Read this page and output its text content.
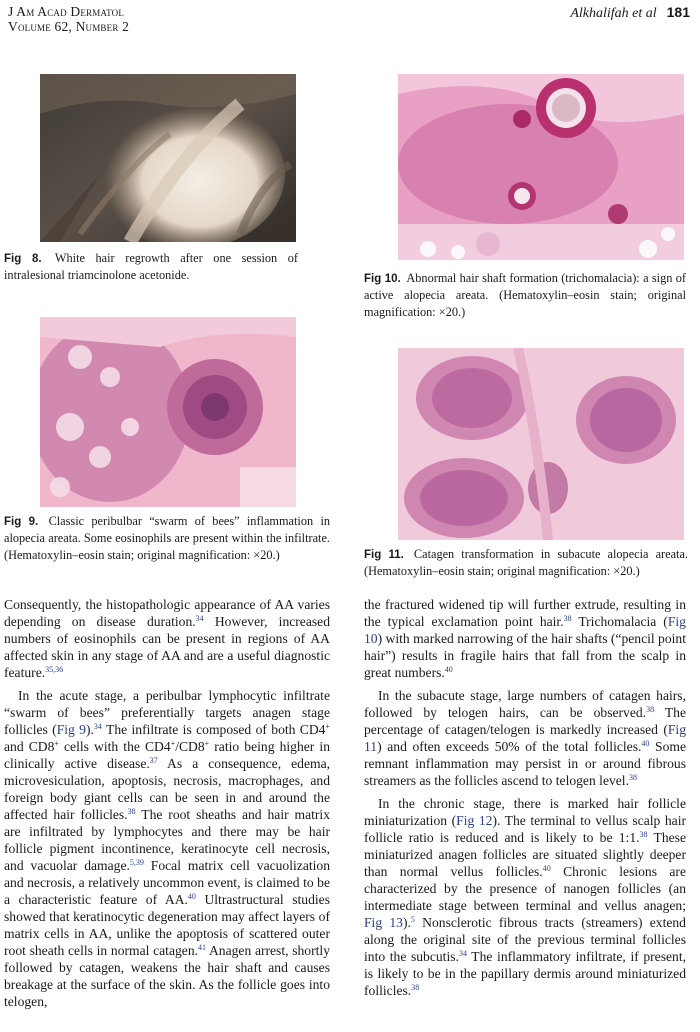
J Am Acad Dermatol
Volume 62, Number 2
Alkhalifah et al 181
Fig 8. White hair regrowth after one session of intralesional triamcinolone acetonide.	Fig 10. Abnormal hair shaft formation (trichomalacia): a sign of active alopecia areata. (Hematoxylin–eosin stain; original magnification: ×20.)
Fig 9. Classic peribulbar “swarm of bees” inflammation in alopecia areata. Some eosinophils are present within the infiltrate. (Hematoxylin–eosin stain; original magnification: ×20.)	Fig 11. Catagen transformation in subacute alopecia areata. (Hematoxylin–eosin stain; original magnification: ×20.)

Consequently, the histopathologic appearance of AA varies depending on disease duration.$^{34}$ However, increased numbers of eosinophils can be present in regions of AA affected skin in any stage of AA and are a useful diagnostic feature.$^{35,36}$

In the acute stage, a peribulbar lymphocytic infiltrate “swarm of bees” preferentially targets anagen stage follicles (Fig 9).$^{34}$ The infiltrate is composed of both CD4+ and CD8+ cells with the CD4+/CD8+ ratio being higher in clinically active disease.$^{37}$ As a consequence, edema, microvesiculation, apoptosis, necrosis, macrophages, and foreign body giant cells can be seen in and around the affected hair follicles.$^{38}$ The root sheaths and hair matrix are infiltrated by lymphocytes and there may be hair follicle pigment incontinence, keratinocyte cell necrosis, and vacuolar damage.$^{5,39}$ Focal matrix cell vacuolization and necrosis, a relatively uncommon event, is claimed to be a characteristic feature of AA.$^{40}$ Ultrastructural studies showed that keratinocytic degeneration may affect layers of matrix cells in AA, unlike the apoptosis of scattered outer root sheath cells in normal catagen.$^{41}$ Anagen arrest, shortly followed by catagen, weakens the hair shaft and causes breakage at the surface of the skin. As the follicle goes into telogen,

the fractured widened tip will further extrude, resulting in the typical exclamation point hair.$^{38}$ Trichomalacia (Fig 10) with marked narrowing of the hair shafts (“pencil point hair”) results in fragile hairs that fall from the scalp in great numbers.$^{40}$

In the subacute stage, large numbers of catagen hairs, followed by telogen hairs, can be observed.$^{38}$ The percentage of catagen/telogen is markedly increased (Fig 11) and often exceeds 50% of the total follicles.$^{40}$ Some remnant inflammation may persist in or around fibrous streamers as the follicles ascend to telogen level.$^{38}$

In the chronic stage, there is marked hair follicle miniaturization (Fig 12). The terminal to vellus scalp hair follicle ratio is reduced and is likely to be 1:1.38 These miniaturized anagen follicles are situated slightly deeper than normal vellus follicles.$^{40}$ Chronic lesions are characterized by the presence of nanogen follicles (an intermediate stage between terminal and vellus anagen; Fig 13).$^5$ Nonsclerotic fibrous tracts (streamers) extend along the original site of the previous terminal follicles into the subcutis.$^{34}$ The inflammatory infiltrate, if present, is likely to be in the papillary dermis around miniaturized follicles.$^{38}$
